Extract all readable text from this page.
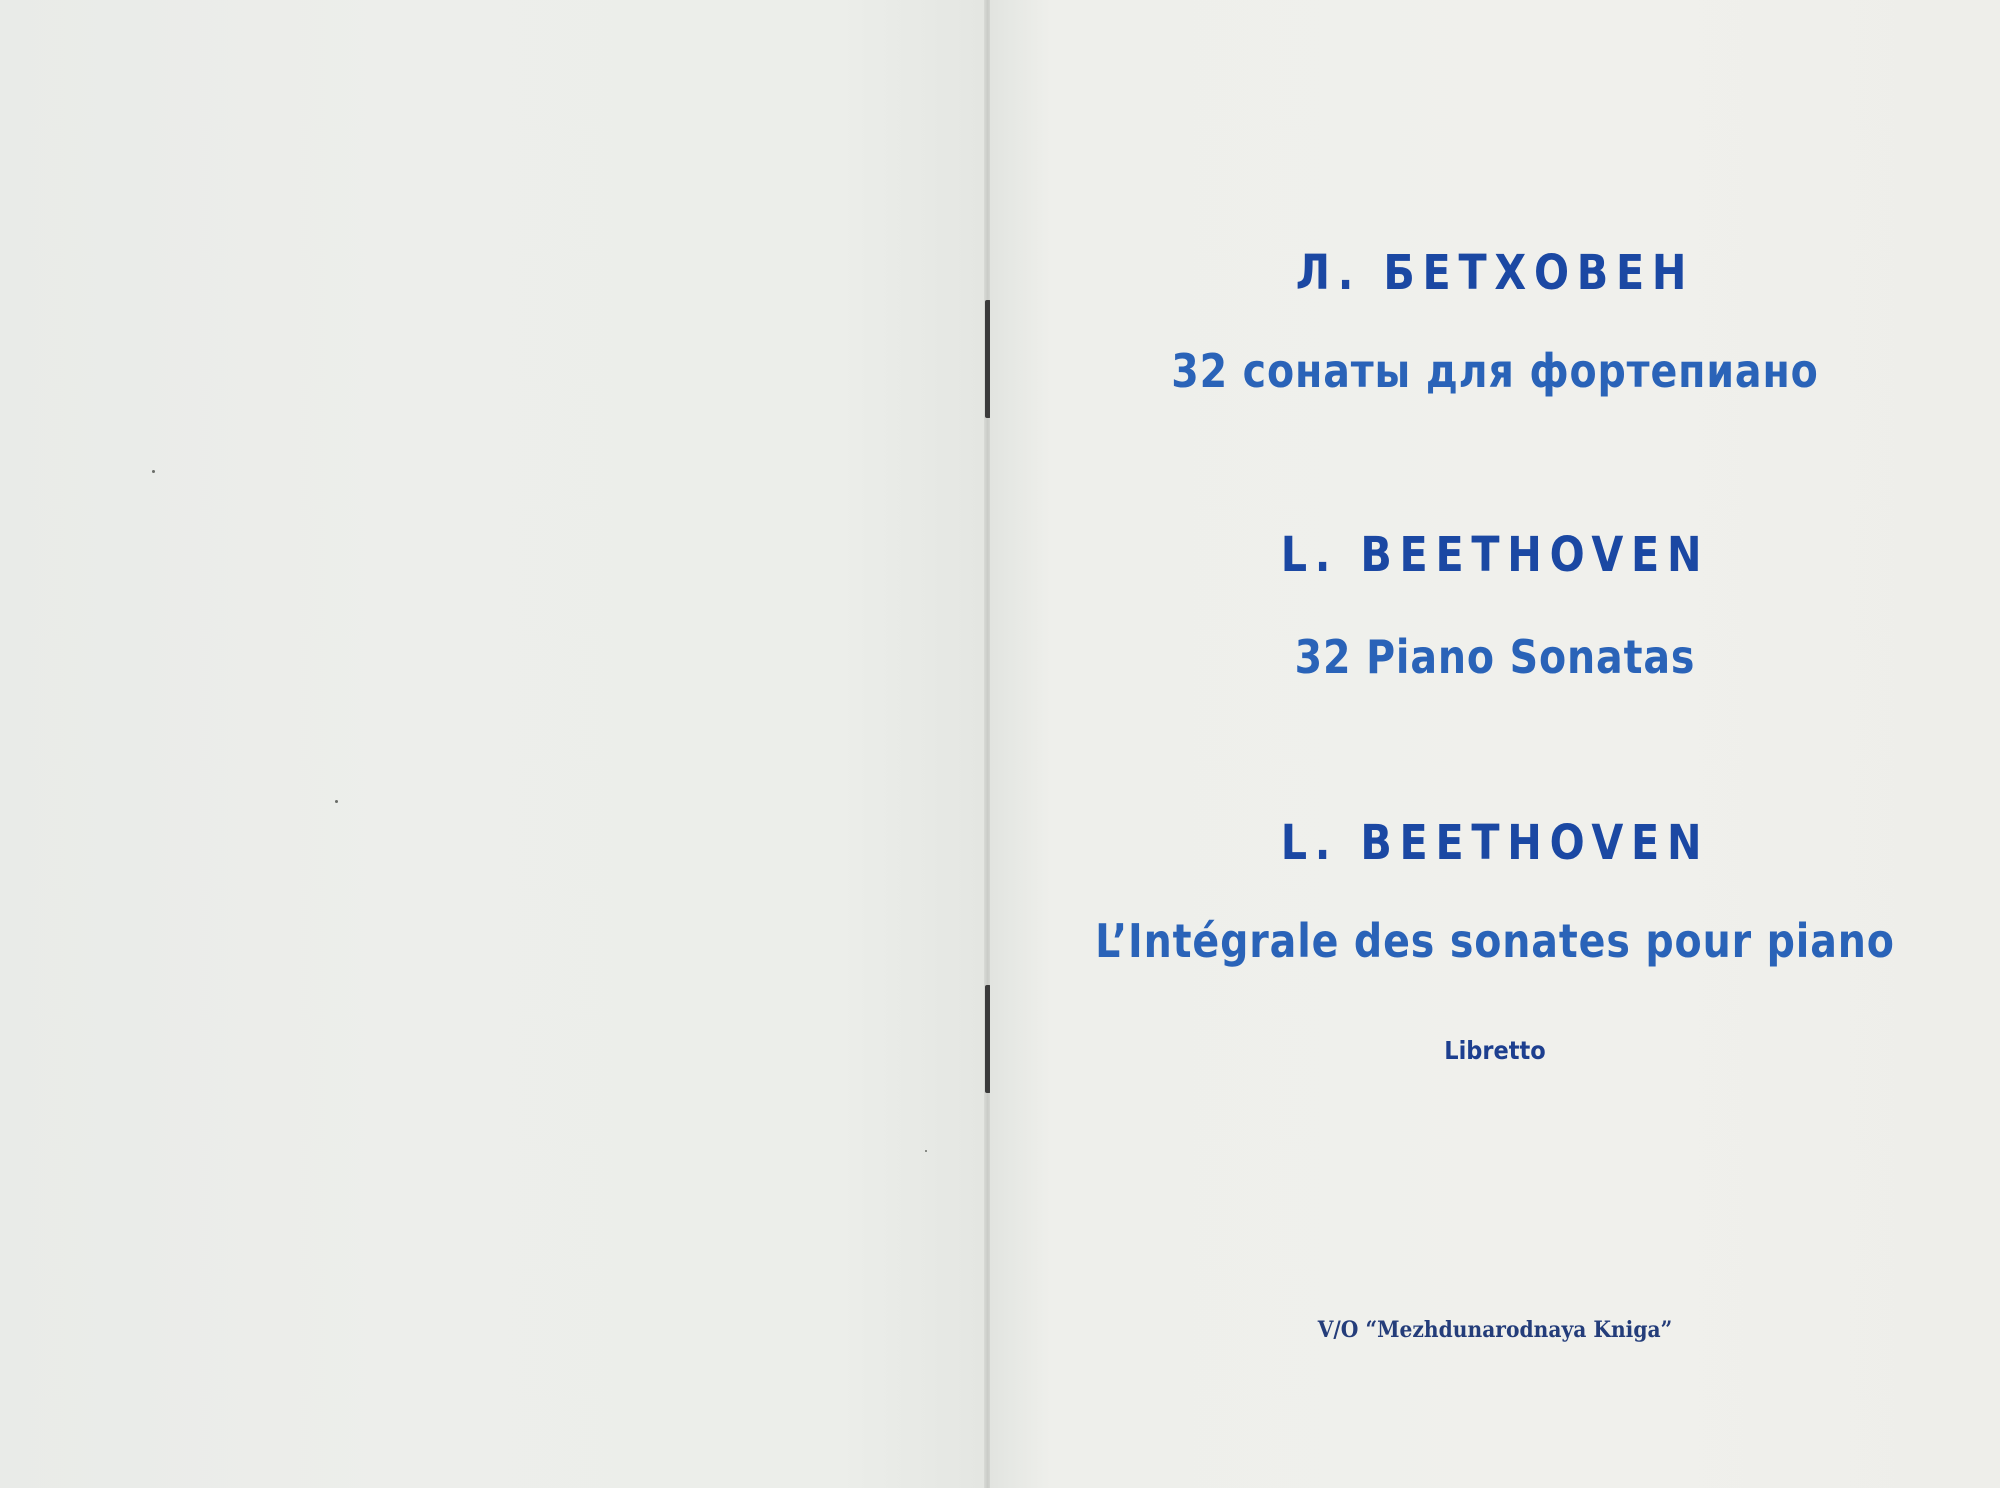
Л. БЕТХОВЕН
32 сонаты для фортепиано
L. BEETHOVEN
32 Piano Sonatas
L. BEETHOVEN
L’Intégrale des sonates pour piano
Libretto
V/O “Mezhdunarodnaya Kniga”
